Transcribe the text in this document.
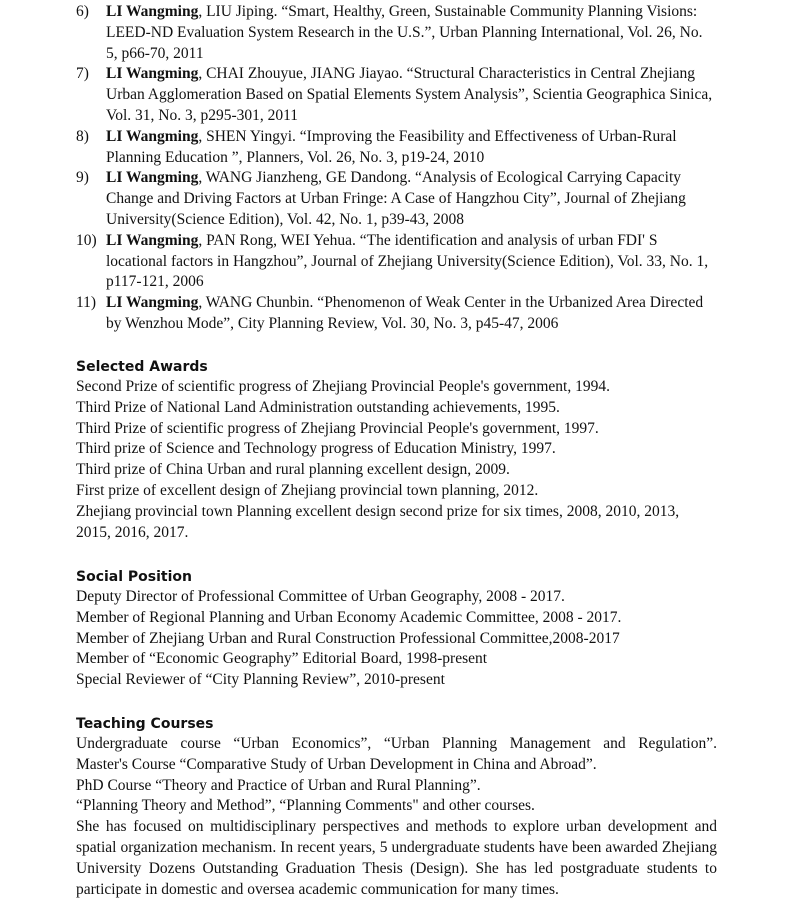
6)	LI Wangming, LIU Jiping. “Smart, Healthy, Green, Sustainable Community Planning Visions: LEED-ND Evaluation System Research in the U.S.”, Urban Planning International, Vol. 26, No. 5, p66-70, 2011
7)	LI Wangming, CHAI Zhouyue, JIANG Jiayao. “Structural Characteristics in Central Zhejiang Urban Agglomeration Based on Spatial Elements System Analysis”, Scientia Geographica Sinica, Vol. 31, No. 3, p295-301, 2011
8)	LI Wangming, SHEN Yingyi. “Improving the Feasibility and Effectiveness of Urban-Rural Planning Education ”, Planners, Vol. 26, No. 3, p19-24, 2010
9)	LI Wangming, WANG Jianzheng, GE Dandong. “Analysis of Ecological Carrying Capacity Change and Driving Factors at Urban Fringe: A Case of Hangzhou City”, Journal of Zhejiang University(Science Edition), Vol. 42, No. 1, p39-43, 2008
10) LI Wangming, PAN Rong, WEI Yehua. “The identification and analysis of urban FDI' S locational factors in Hangzhou”, Journal of Zhejiang University(Science Edition), Vol. 33, No. 1, p117-121, 2006
11) LI Wangming, WANG Chunbin. “Phenomenon of Weak Center in the Urbanized Area Directed by Wenzhou Mode”, City Planning Review, Vol. 30, No. 3, p45-47, 2006
Selected Awards
Second Prize of scientific progress of Zhejiang Provincial People's government, 1994.
Third Prize of National Land Administration outstanding achievements, 1995.
Third Prize of scientific progress of Zhejiang Provincial People's government, 1997.
Third prize of Science and Technology progress of Education Ministry, 1997.
Third prize of China Urban and rural planning excellent design, 2009.
First prize of excellent design of Zhejiang provincial town planning, 2012.
Zhejiang provincial town Planning excellent design second prize for six times, 2008, 2010, 2013, 2015, 2016, 2017.
Social Position
Deputy Director of Professional Committee of Urban Geography, 2008 - 2017.
Member of Regional Planning and Urban Economy Academic Committee, 2008 - 2017.
Member of Zhejiang Urban and Rural Construction Professional Committee,2008-2017
Member of “Economic Geography” Editorial Board, 1998-present
Special Reviewer of “City Planning Review”, 2010-present
Teaching Courses
Undergraduate course “Urban Economics”, “Urban Planning Management and Regulation”.
Master's Course “Comparative Study of Urban Development in China and Abroad”.
PhD Course “Theory and Practice of Urban and Rural Planning”.
“Planning Theory and Method”, “Planning Comments" and other courses.
She has focused on multidisciplinary perspectives and methods to explore urban development and spatial organization mechanism. In recent years, 5 undergraduate students have been awarded Zhejiang University Dozens Outstanding Graduation Thesis (Design). She has led postgraduate students to participate in domestic and oversea academic communication for many times.
